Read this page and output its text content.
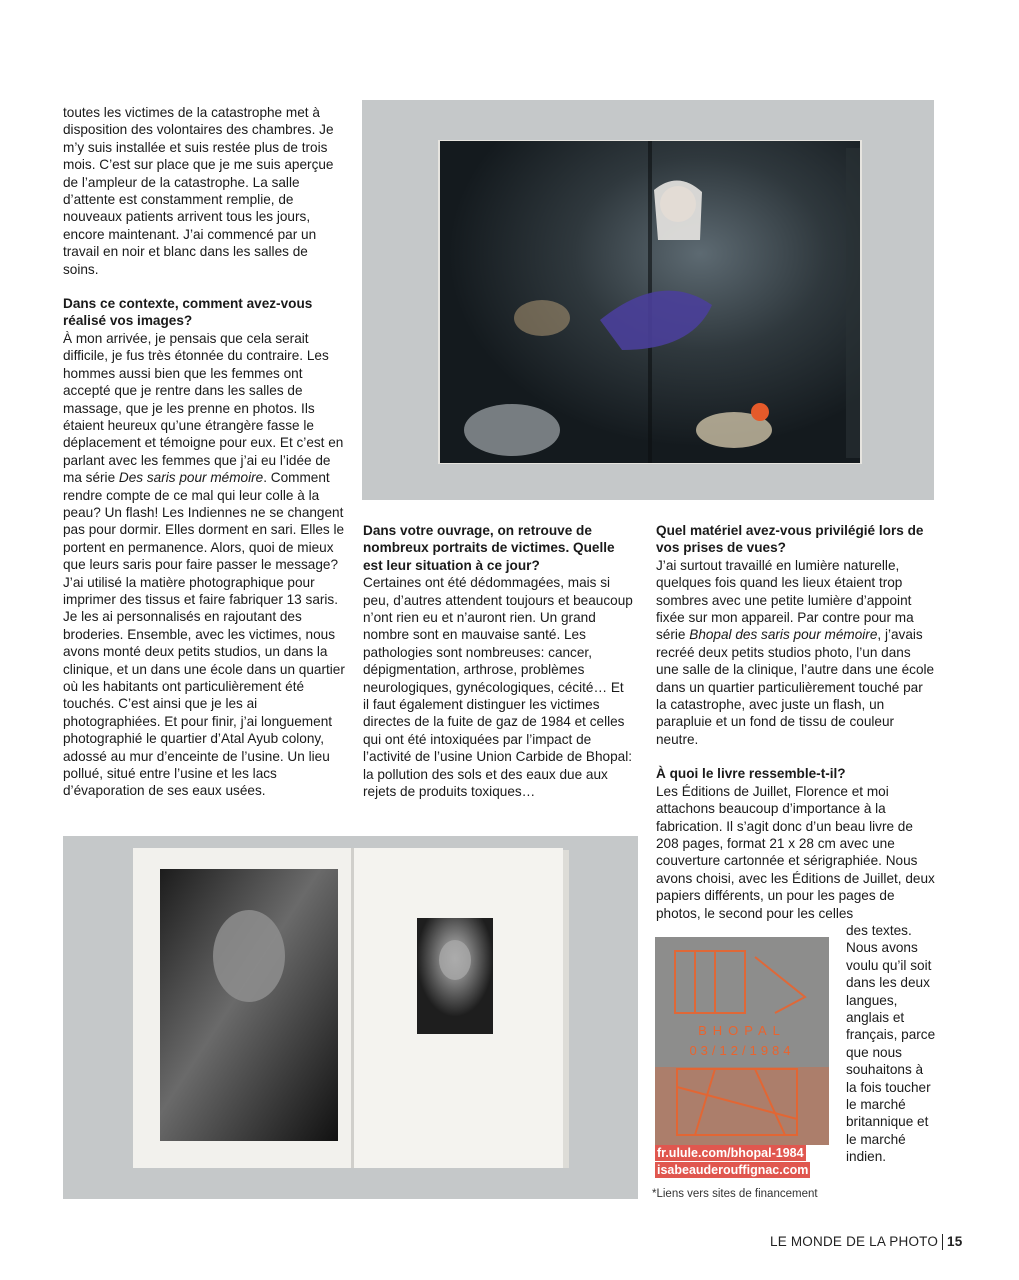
toutes les victimes de la catastrophe met à disposition des volontaires des chambres. Je m’y suis installée et suis restée plus de trois mois. C’est sur place que je me suis aperçue de l’ampleur de la catastrophe. La salle d’attente est constamment remplie, de nouveaux patients arrivent tous les jours, encore maintenant. J’ai commencé par un travail en noir et blanc dans les salles de soins.

Dans ce contexte, comment avez-vous réalisé vos images?

À mon arrivée, je pensais que cela serait difficile, je fus très étonnée du contraire. Les hommes aussi bien que les femmes ont accepté que je rentre dans les salles de massage, que je les prenne en photos. Ils étaient heureux qu’une étrangère fasse le déplacement et témoigne pour eux. Et c’est en parlant avec les femmes que j’ai eu l’idée de ma série Des saris pour mémoire. Comment rendre compte de ce mal qui leur colle à la peau? Un flash! Les Indiennes ne se changent pas pour dormir. Elles dorment en sari. Elles le portent en permanence. Alors, quoi de mieux que leurs saris pour faire passer le message? J’ai utilisé la matière photographique pour imprimer des tissus et faire fabriquer 13 saris. Je les ai personnalisés en rajoutant des broderies. Ensemble, avec les victimes, nous avons monté deux petits studios, un dans la clinique, et un dans une école dans un quartier où les habitants ont particulièrement été touchés. C’est ainsi que je les ai photographiées. Et pour finir, j’ai longuement photographié le quartier d’Atal Ayub colony, adossé au mur d’enceinte de l’usine. Un lieu pollué, situé entre l’usine et les lacs d’évaporation de ses eaux usées.

Dans votre ouvrage, on retrouve de nombreux portraits de victimes. Quelle est leur situation à ce jour?

Certaines ont été dédommagées, mais si peu, d’autres attendent toujours et beaucoup n’ont rien eu et n’auront rien. Un grand nombre sont en mauvaise santé. Les pathologies sont nombreuses: cancer, dépigmentation, arthrose, problèmes neurologiques, gynécologiques, cécité… Et il faut également distinguer les victimes directes de la fuite de gaz de 1984 et celles qui ont été intoxiquées par l’impact de l’activité de l’usine Union Carbide de Bhopal: la pollution des sols et des eaux due aux rejets de produits toxiques…

Quel matériel avez-vous privilégié lors de vos prises de vues?

J’ai surtout travaillé en lumière naturelle, quelques fois quand les lieux étaient trop sombres avec une petite lumière d’appoint fixée sur mon appareil. Par contre pour ma série Bhopal des saris pour mémoire, j’avais recréé deux petits studios photo, l’un dans une salle de la clinique, l’autre dans une école dans un quartier particulièrement touché par la catastrophe, avec juste un flash, un parapluie et un fond de tissu de couleur neutre.

À quoi le livre ressemble-t-il?

Les Éditions de Juillet, Florence et moi attachons beaucoup d’importance à la fabrication. Il s’agit donc d’un beau livre de 208 pages, format 21 x 28 cm avec une couverture cartonnée et sérigraphiée. Nous avons choisi, avec les Éditions de Juillet, deux papiers différents, un pour les pages de photos, le second pour les celles

des textes. Nous avons voulu qu’il soit dans les deux langues, anglais et français, parce que nous souhaitons à la fois toucher le marché britannique et le marché indien.

BHOPAL
03/12/1984
fr.ulule.com/bhopal-1984
isabeauderouffignac.com
*Liens vers sites de financement
LE MONDE DE LA PHOTO 15
